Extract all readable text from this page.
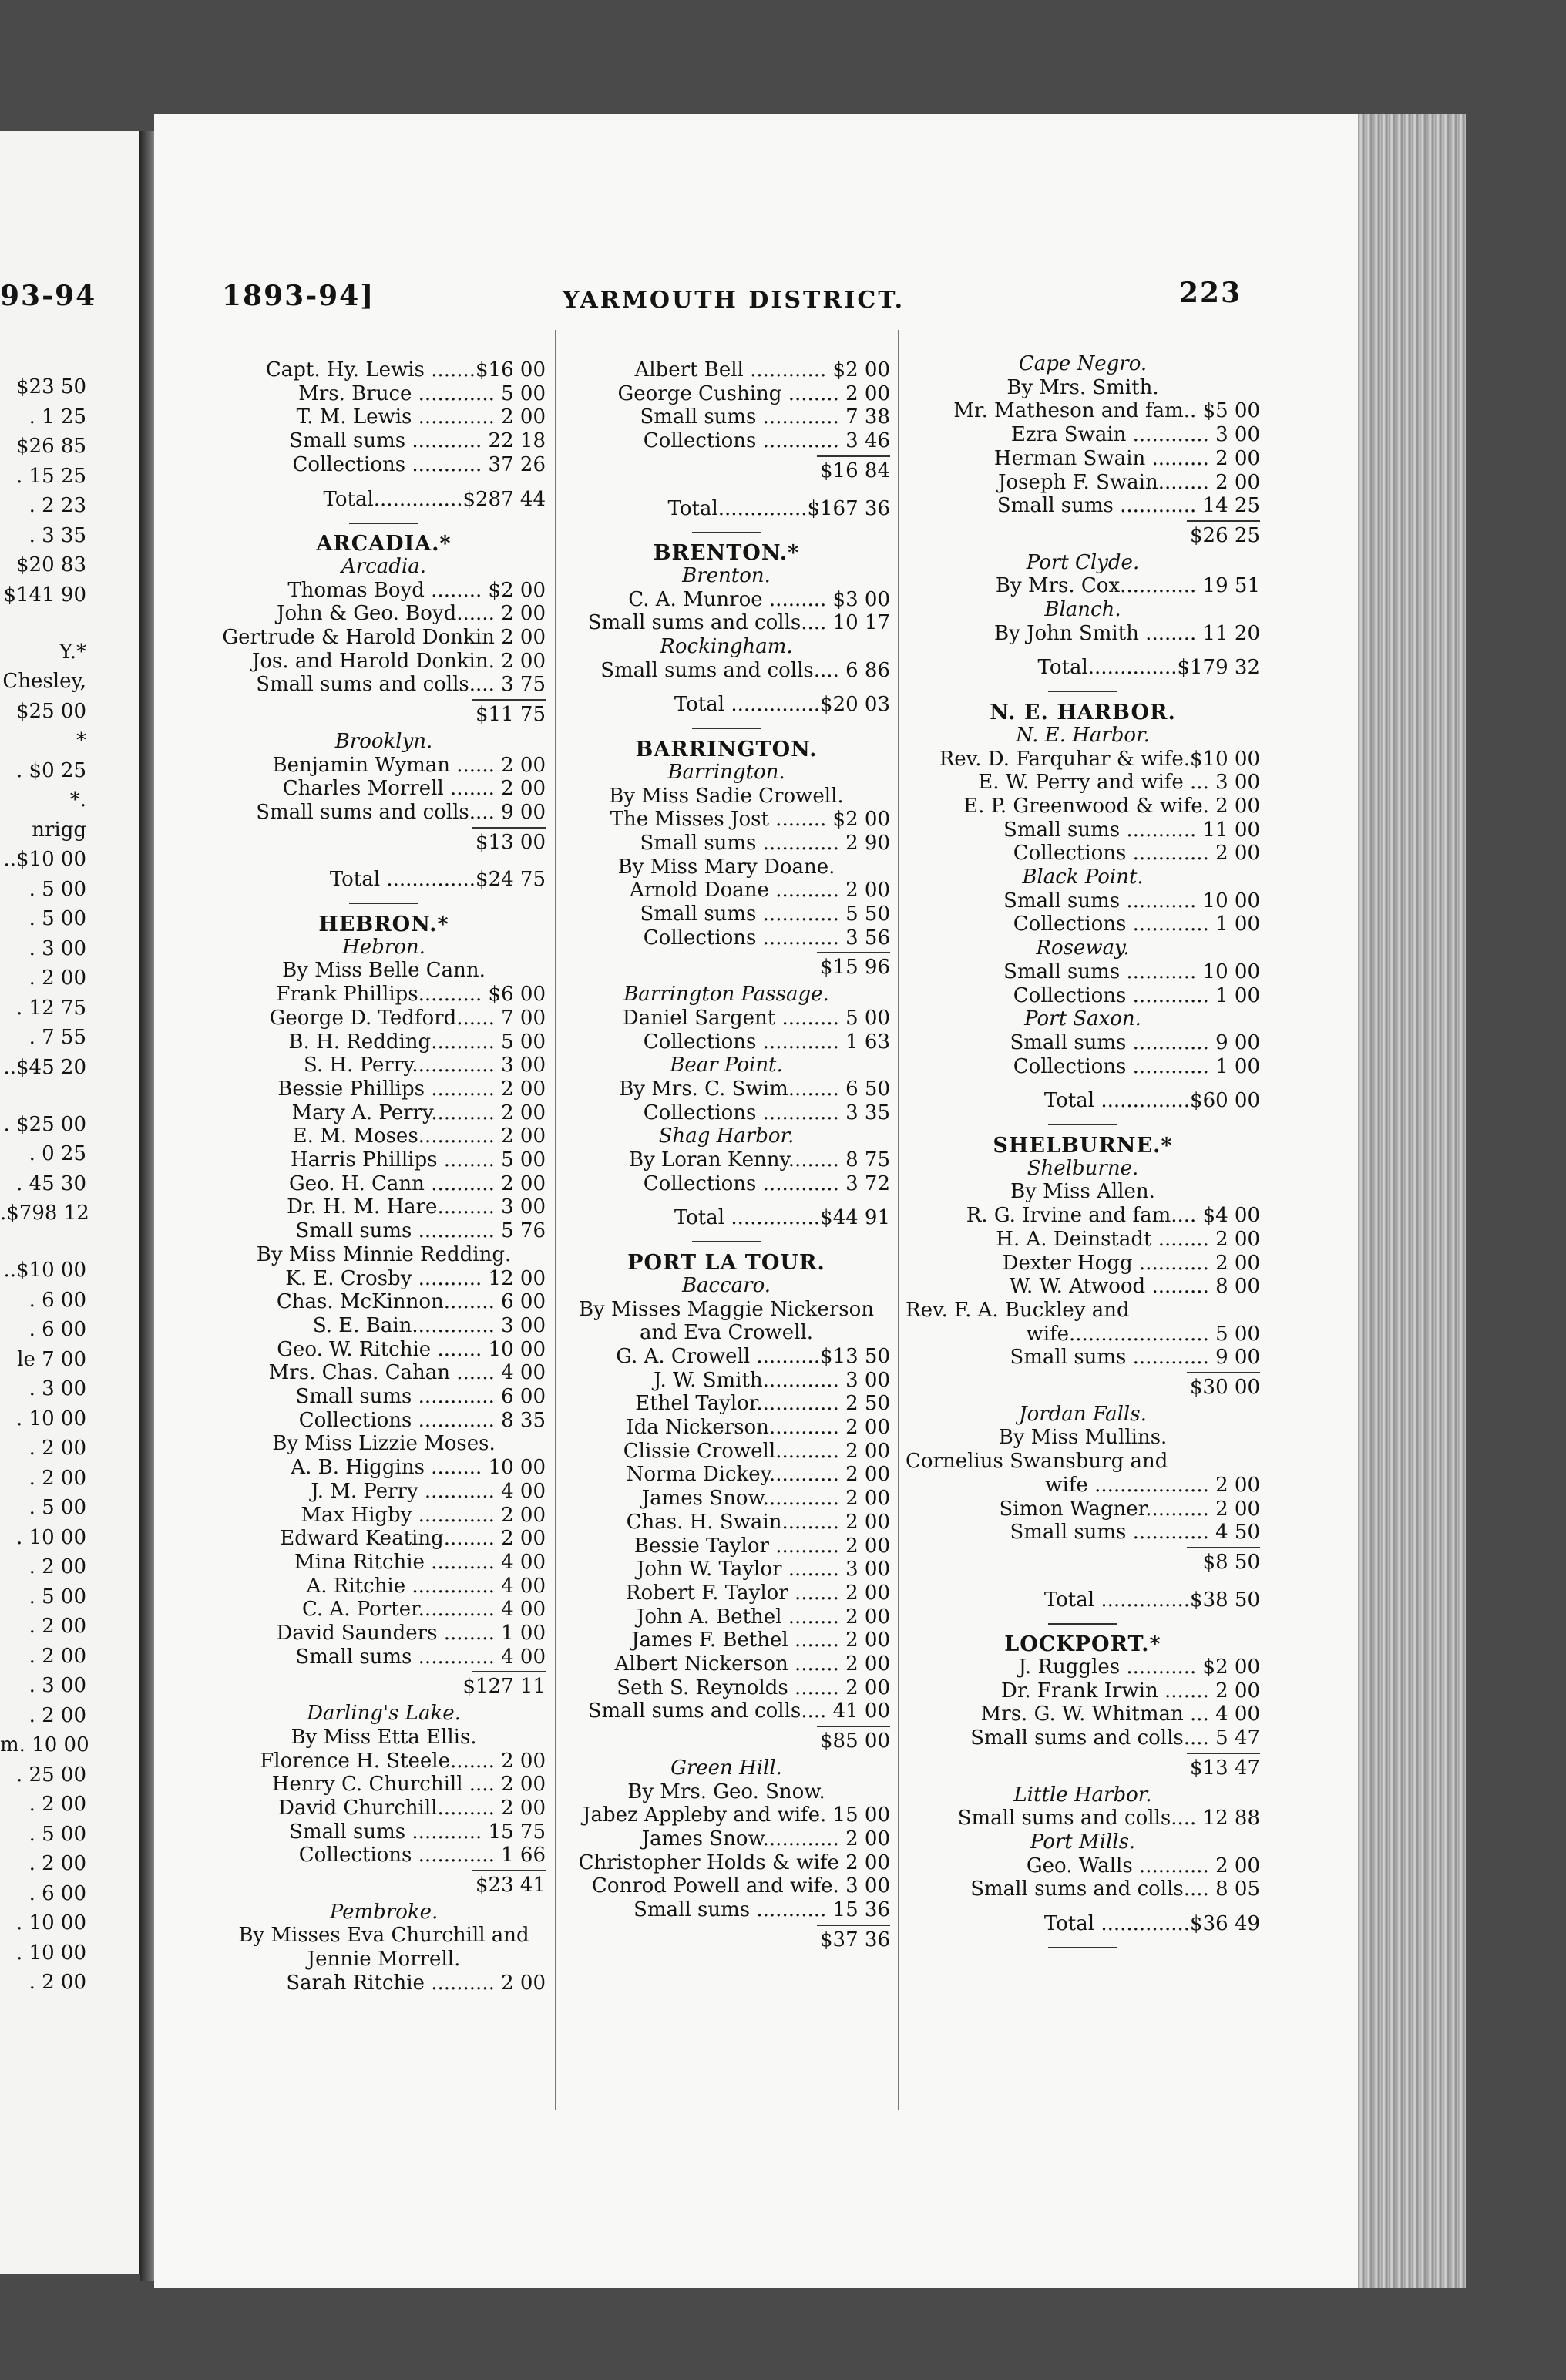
93-94
$23 50
. 1 25
$26 85
. 15 25
. 2 23
. 3 35
$20 83
$141 90
Y.*
Chesley,
$25 00
*
. $0 25
*.
nrigg
..$10 00
. 5 00
. 5 00
. 3 00
. 2 00
. 12 75
. 7 55
..$45 20
. $25 00
. 0 25
. 45 30
.$798 12
..$10 00
. 6 00
. 6 00
le 7 00
. 3 00
. 10 00
. 2 00
. 2 00
. 5 00
. 10 00
. 2 00
. 5 00
. 2 00
. 2 00
. 3 00
. 2 00
m. 10 00
. 25 00
. 2 00
. 5 00
. 2 00
. 6 00
. 10 00
. 10 00
. 2 00
1893-94]	YARMOUTH DISTRICT.	223
Capt. Hy. Lewis .......$16 00
Mrs. Bruce ............ 5 00
T. M. Lewis ............ 2 00
Small sums ........... 22 18
Collections ........... 37 26
Total..............$287 44
ARCADIA.*
Arcadia.
Thomas Boyd ........ $2 00
John & Geo. Boyd...... 2 00
Gertrude & Harold Donkin 2 00
Jos. and Harold Donkin. 2 00
Small sums and colls.... 3 75
$11 75
Brooklyn.
Benjamin Wyman ...... 2 00
Charles Morrell ....... 2 00
Small sums and colls.... 9 00
$13 00
Total ..............$24 75
HEBRON.*
Hebron.
By Miss Belle Cann.
Frank Phillips.......... $6 00
George D. Tedford...... 7 00
B. H. Redding.......... 5 00
S. H. Perry............. 3 00
Bessie Phillips .......... 2 00
Mary A. Perry.......... 2 00
E. M. Moses............ 2 00
Harris Phillips ........ 5 00
Geo. H. Cann .......... 2 00
Dr. H. M. Hare......... 3 00
Small sums ............ 5 76
By Miss Minnie Redding.
K. E. Crosby .......... 12 00
Chas. McKinnon........ 6 00
S. E. Bain............. 3 00
Geo. W. Ritchie ....... 10 00
Mrs. Chas. Cahan ...... 4 00
Small sums ............ 6 00
Collections ............ 8 35
By Miss Lizzie Moses.
A. B. Higgins ........ 10 00
J. M. Perry ........... 4 00
Max Higby ............ 2 00
Edward Keating........ 2 00
Mina Ritchie .......... 4 00
A. Ritchie ............. 4 00
C. A. Porter............ 4 00
David Saunders ........ 1 00
Small sums ............ 4 00
$127 11
Darling's Lake.
By Miss Etta Ellis.
Florence H. Steele....... 2 00
Henry C. Churchill .... 2 00
David Churchill......... 2 00
Small sums ........... 15 75
Collections ............ 1 66
$23 41
Pembroke.
By Misses Eva Churchill and
Jennie Morrell.
Sarah Ritchie .......... 2 00
Albert Bell ............ $2 00
George Cushing ........ 2 00
Small sums ............ 7 38
Collections ............ 3 46
$16 84
Total..............$167 36
BRENTON.*
Brenton.
C. A. Munroe ......... $3 00
Small sums and colls.... 10 17
Rockingham.
Small sums and colls.... 6 86
Total ..............$20 03
BARRINGTON.
Barrington.
By Miss Sadie Crowell.
The Misses Jost ........ $2 00
Small sums ............ 2 90
By Miss Mary Doane.
Arnold Doane .......... 2 00
Small sums ............ 5 50
Collections ............ 3 56
$15 96
Barrington Passage.
Daniel Sargent ......... 5 00
Collections ............ 1 63
Bear Point.
By Mrs. C. Swim........ 6 50
Collections ............ 3 35
Shag Harbor.
By Loran Kenny........ 8 75
Collections ............ 3 72
Total ..............$44 91
PORT LA TOUR.
Baccaro.
By Misses Maggie Nickerson
and Eva Crowell.
G. A. Crowell ..........$13 50
J. W. Smith............ 3 00
Ethel Taylor............. 2 50
Ida Nickerson........... 2 00
Clissie Crowell.......... 2 00
Norma Dickey........... 2 00
James Snow............ 2 00
Chas. H. Swain......... 2 00
Bessie Taylor .......... 2 00
John W. Taylor ........ 3 00
Robert F. Taylor ....... 2 00
John A. Bethel ........ 2 00
James F. Bethel ....... 2 00
Albert Nickerson ....... 2 00
Seth S. Reynolds ....... 2 00
Small sums and colls.... 41 00
$85 00
Green Hill.
By Mrs. Geo. Snow.
Jabez Appleby and wife. 15 00
James Snow............ 2 00
Christopher Holds & wife 2 00
Conrod Powell and wife. 3 00
Small sums ........... 15 36
$37 36
Cape Negro.
By Mrs. Smith.
Mr. Matheson and fam.. $5 00
Ezra Swain ............ 3 00
Herman Swain ......... 2 00
Joseph F. Swain........ 2 00
Small sums ............ 14 25
$26 25
Port Clyde.
By Mrs. Cox............ 19 51
Blanch.
By John Smith ........ 11 20
Total..............$179 32
N. E. HARBOR.
N. E. Harbor.
Rev. D. Farquhar & wife.$10 00
E. W. Perry and wife ... 3 00
E. P. Greenwood & wife. 2 00
Small sums ........... 11 00
Collections ............ 2 00
Black Point.
Small sums ........... 10 00
Collections ............ 1 00
Roseway.
Small sums ........... 10 00
Collections ............ 1 00
Port Saxon.
Small sums ............ 9 00
Collections ............ 1 00
Total ..............$60 00
SHELBURNE.*
Shelburne.
By Miss Allen.
R. G. Irvine and fam.... $4 00
H. A. Deinstadt ........ 2 00
Dexter Hogg ........... 2 00
W. W. Atwood ......... 8 00
Rev. F. A. Buckley and
wife...................... 5 00
Small sums ............ 9 00
$30 00
Jordan Falls.
By Miss Mullins.
Cornelius Swansburg and
wife .................. 2 00
Simon Wagner.......... 2 00
Small sums ............ 4 50
$8 50
Total ..............$38 50
LOCKPORT.*
J. Ruggles ........... $2 00
Dr. Frank Irwin ....... 2 00
Mrs. G. W. Whitman ... 4 00
Small sums and colls.... 5 47
$13 47
Little Harbor.
Small sums and colls.... 12 88
Port Mills.
Geo. Walls ........... 2 00
Small sums and colls.... 8 05
Total ..............$36 49
